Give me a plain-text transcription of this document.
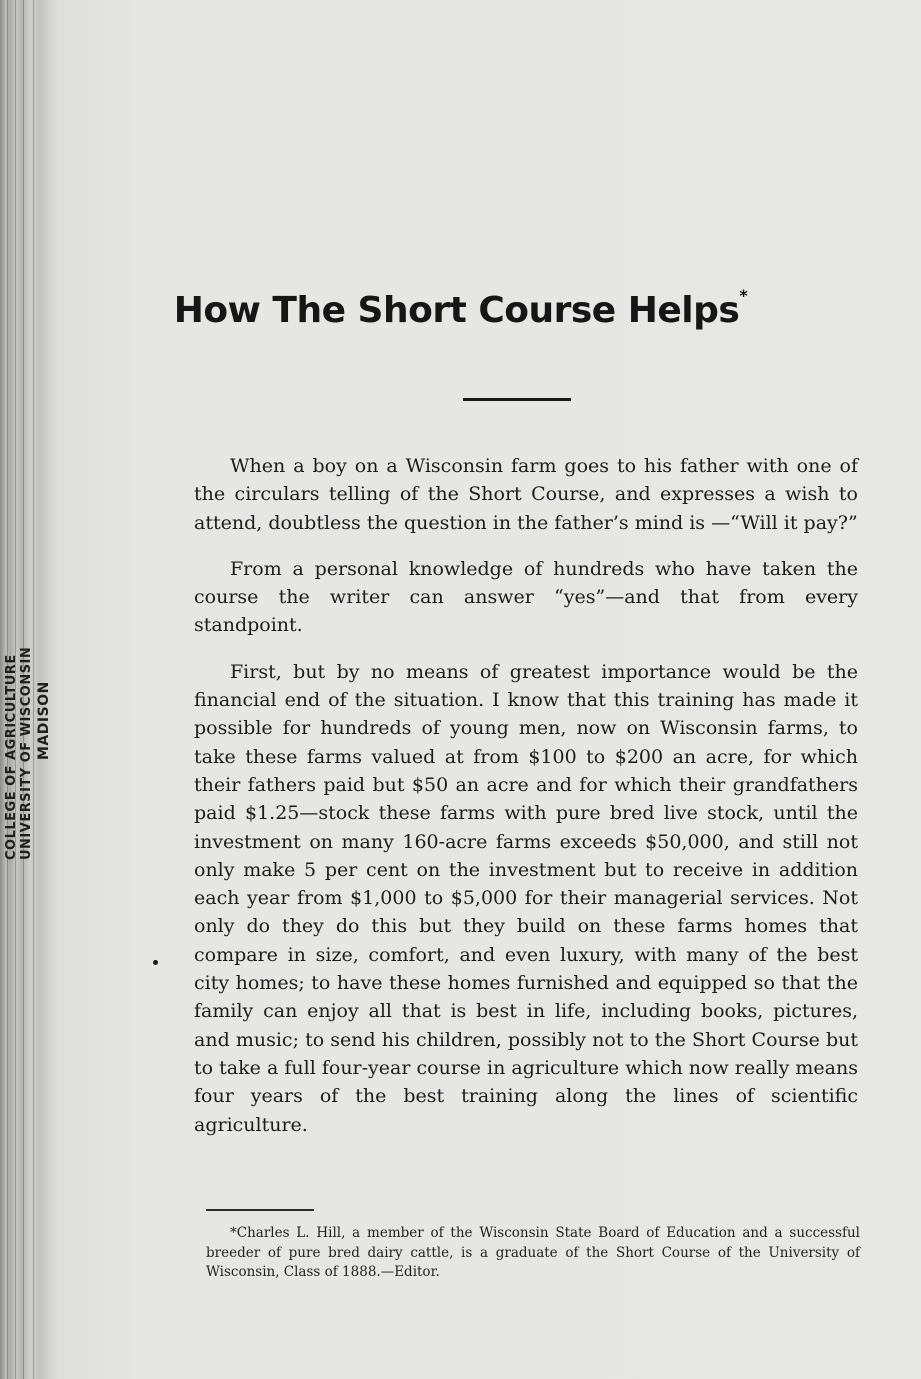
COLLEGE OF AGRICULTURE UNIVERSITY OF WISCONSIN MADISON
How The Short Course Helps*

When a boy on a Wisconsin farm goes to his father with one of the circulars telling of the Short Course, and expresses a wish to attend, doubtless the question in the father’s mind is —“Will it pay?”

From a personal knowledge of hundreds who have taken the course the writer can answer “yes”—and that from every standpoint.

First, but by no means of greatest importance would be the financial end of the situation. I know that this training has made it possible for hundreds of young men, now on Wisconsin farms, to take these farms valued at from $100 to $200 an acre, for which their fathers paid but $50 an acre and for which their grandfathers paid $1.25—stock these farms with pure bred live stock, until the investment on many 160-acre farms exceeds $50,000, and still not only make 5 per cent on the investment but to receive in addition each year from $1,000 to $5,000 for their managerial services. Not only do they do this but they build on these farms homes that compare in size, comfort, and even luxury, with many of the best city homes; to have these homes furnished and equipped so that the family can enjoy all that is best in life, including books, pictures, and music; to send his children, possibly not to the Short Course but to take a full four-year course in agriculture which now really means four years of the best training along the lines of scientific agriculture.

*Charles L. Hill, a member of the Wisconsin State Board of Education and a successful breeder of pure bred dairy cattle, is a graduate of the Short Course of the University of Wisconsin, Class of 1888.—Editor.
